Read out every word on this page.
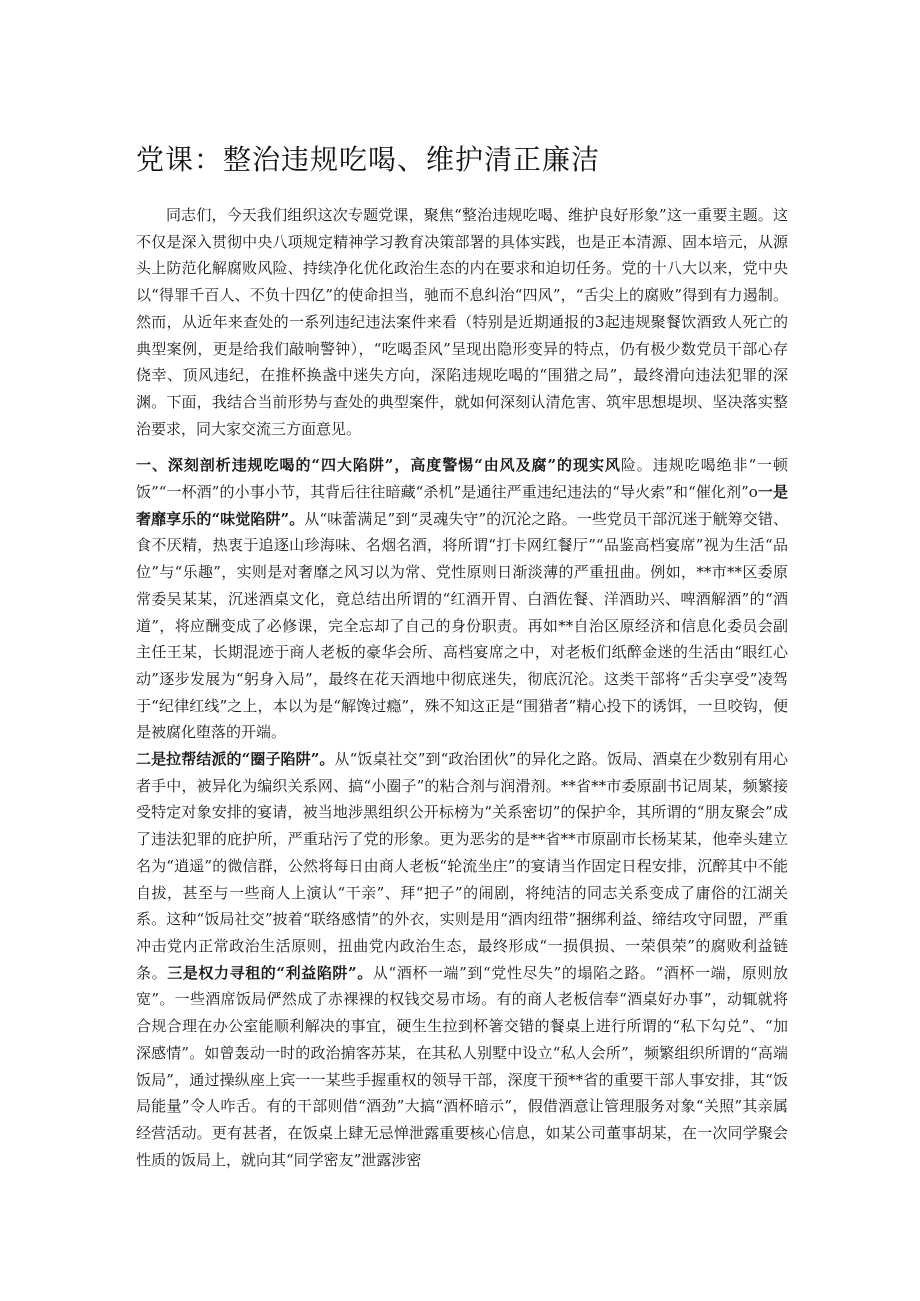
党课：整治违规吃喝、维护清正廉洁

同志们，今天我们组织这次专题党课，聚焦“整治违规吃喝、维护良好形象”这一重要主题。这不仅是深入贯彻中央八项规定精神学习教育决策部署的具体实践，也是正本清源、固本培元，从源头上防范化解腐败风险、持续净化优化政治生态的内在要求和迫切任务。党的十八大以来，党中央以“得罪千百人、不负十四亿”的使命担当，驰而不息纠治“四风”，“舌尖上的腐败”得到有力遏制。然而，从近年来查处的一系列违纪违法案件来看（特别是近期通报的3起违规聚餐饮酒致人死亡的典型案例，更是给我们敲响警钟），“吃喝歪风”呈现出隐形变异的特点，仍有极少数党员干部心存侥幸、顶风违纪，在推杯换盏中迷失方向，深陷违规吃喝的“围猎之局”，最终滑向违法犯罪的深渊。下面，我结合当前形势与查处的典型案件，就如何深刻认清危害、筑牢思想堤坝、坚决落实整治要求，同大家交流三方面意见。

一、深刻剖析违规吃喝的“四大陷阱”，高度警惕“由风及腐”的现实风险。违规吃喝绝非“一顿饭”“一杯酒”的小事小节，其背后往往暗藏“杀机”是通往严重违纪违法的“导火索”和“催化剂”o一是奢靡享乐的“味觉陷阱”。从“味蕾满足”到“灵魂失守”的沉沦之路。一些党员干部沉迷于觥筹交错、食不厌精，热衷于追逐山珍海味、名烟名酒，将所谓“打卡网红餐厅”“品鉴高档宴席”视为生活“品位”与“乐趣”，实则是对奢靡之风习以为常、党性原则日渐淡薄的严重扭曲。例如，**市**区委原常委吴某某，沉迷酒桌文化，竟总结出所谓的“红酒开胃、白酒佐餐、洋酒助兴、啤酒解酒”的“酒道”，将应酬变成了必修课，完全忘却了自己的身份职责。再如**自治区原经济和信息化委员会副主任王某，长期混迹于商人老板的豪华会所、高档宴席之中，对老板们纸醉金迷的生活由“眼红心动”逐步发展为“躬身入局”，最终在花天酒地中彻底迷失，彻底沉沦。这类干部将“舌尖享受”凌驾于“纪律红线”之上，本以为是“解馋过瘾”，殊不知这正是“围猎者”精心投下的诱饵，一旦咬钩，便是被腐化堕落的开端。

二是拉帮结派的“圈子陷阱”。从“饭桌社交”到“政治团伙”的异化之路。饭局、酒桌在少数别有用心者手中，被异化为编织关系网、搞“小圈子”的粘合剂与润滑剂。**省**市委原副书记周某，频繁接受特定对象安排的宴请，被当地涉黑组织公开标榜为“关系密切”的保护伞，其所谓的“朋友聚会”成了违法犯罪的庇护所，严重玷污了党的形象。更为恶劣的是**省**市原副市长杨某某，他牵头建立名为“逍遥”的微信群，公然将每日由商人老板“轮流坐庄”的宴请当作固定日程安排，沉醉其中不能自拔，甚至与一些商人上演认“干亲”、拜“把子”的闹剧，将纯洁的同志关系变成了庸俗的江湖关系。这种“饭局社交”披着“联络感情”的外衣，实则是用“酒肉纽带”捆绑利益、缔结攻守同盟，严重冲击党内正常政治生活原则，扭曲党内政治生态，最终形成“一损俱损、一荣俱荣”的腐败利益链条。三是权力寻租的“利益陷阱”。从“酒杯一端”到“党性尽失”的塌陷之路。“酒杯一端，原则放宽”。一些酒席饭局俨然成了赤裸裸的权钱交易市场。有的商人老板信奉“酒桌好办事”，动辄就将合规合理在办公室能顺利解决的事宜，硬生生拉到杯箸交错的餐桌上进行所谓的“私下勾兑”、“加深感情”。如曾轰动一时的政治掮客苏某，在其私人别墅中设立“私人会所”，频繁组织所谓的“高端饭局”，通过操纵座上宾一一某些手握重权的领导干部，深度干预**省的重要干部人事安排，其“饭局能量”令人咋舌。有的干部则借“酒劲”大搞“酒杯暗示”，假借酒意让管理服务对象“关照”其亲属经营活动。更有甚者，在饭桌上肆无忌惮泄露重要核心信息，如某公司董事胡某，在一次同学聚会性质的饭局上，就向其“同学密友”泄露涉密
